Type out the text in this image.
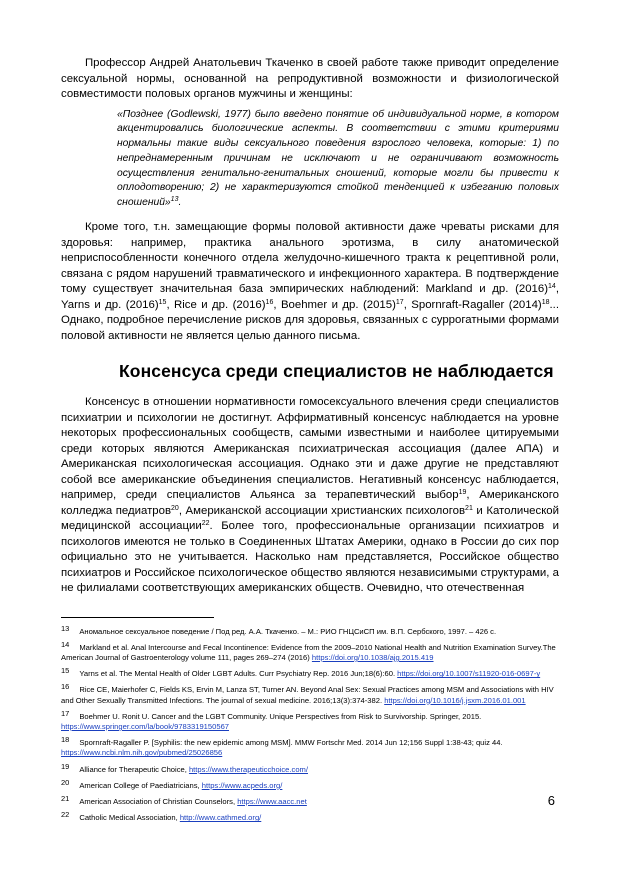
Профессор Андрей Анатольевич Ткаченко в своей работе также приводит определение сексуальной нормы, основанной на репродуктивной возможности и физиологической совместимости половых органов мужчины и женщины:

«Позднее (Godlewski, 1977) было введено понятие об индивидуальной норме, в котором акцентировались биологические аспекты. В соответствии с этими критериями нормальны такие виды сексуального поведения взрослого человека, которые: 1) по непреднамеренным причинам не исключают и не ограничивают возможность осуществления генитально-генитальных сношений, которые могли бы привести к оплодотворению; 2) не характеризуются стойкой тенденцией к избеганию половых сношений»$^{13}$.

Кроме того, т.н. замещающие формы половой активности даже чреваты рисками для здоровья: например, практика анального эротизма, в силу анатомической неприспособленности конечного отдела желудочно-кишечного тракта к рецептивной роли, связана с рядом нарушений травматического и инфекционного характера. В подтверждение тому существует значительная база эмпирических наблюдений: Markland и др. $(2016)^{14}$, Yarns и др. $(2016)^{15}$, Rice и др. $(2016)^{16}$, Boehmer и др. $(2015)^{17}$, Spornraft-Ragaller $(2014)^{18}$... Однако, подробное перечисление рисков для здоровья, связанных с суррогатными формами половой активности не является целью данного письма.

Консенсуса среди специалистов не наблюдается

Консенсус в отношении нормативности гомосексуального влечения среди специалистов психиатрии и психологии не достигнут. Аффирмативный консенсус наблюдается на уровне некоторых профессиональных сообществ, самыми известными и наиболее цитируемыми среди которых являются Американская психиатрическая ассоциация (далее АПА) и Американская психологическая ассоциация. Однако эти и даже другие не представляют собой все американские объединения специалистов. Негативный консенсус наблюдается, например, среди специалистов Альянса за терапевтический выбор$^{19}$, Американского колледжа педиатров$^{20}$, Американской ассоциации христианских психологов$^{21}$ и Католической медицинской ассоциации$^{22}$. Более того, профессиональные организации психиатров и психологов имеются не только в Соединенных Штатах Америки, однако в России до сих пор официально это не учитывается. Насколько нам представляется, Российское общество психиатров и Российское психологическое общество являются независимыми структурами, а не филиалами соответствующих американских обществ. Очевидно, что отечественная

13 Аномальное сексуальное поведение / Под ред. А.А. Ткаченко. – М.: РИО ГНЦСиСП им. В.П. Сербского, 1997. – 426 с.

14 Markland et al. Anal Intercourse and Fecal Incontinence: Evidence from the 2009–2010 National Health and Nutrition Examination Survey.The American Journal of Gastroenterology volume 111, pages 269–274 (2016) https://doi.org/10.1038/ajg.2015.419

15 Yarns et al. The Mental Health of Older LGBT Adults. Curr Psychiatry Rep. 2016 Jun;18(6):60. https://doi.org/10.1007/s11920-016-0697-y

16 Rice CE, Maierhofer C, Fields KS, Ervin M, Lanza ST, Turner AN. Beyond Anal Sex: Sexual Practices among MSM and Associations with HIV and Other Sexually Transmitted Infections. The journal of sexual medicine. 2016;13(3):374-382. https://doi.org/10.1016/j.jsxm.2016.01.001

17 Boehmer U. Ronit U. Cancer and the LGBT Community. Unique Perspectives from Risk to Survivorship. Springer, 2015. https://www.springer.com/la/book/9783319150567

18 Spornraft-Ragaller P. [Syphilis: the new epidemic among MSM]. MMW Fortschr Med. 2014 Jun 12;156 Suppl 1:38-43; quiz 44. https://www.ncbi.nlm.nih.gov/pubmed/25026856

19 Alliance for Therapeutic Choice, https://www.therapeuticchoice.com/

20 American College of Paediatricians, https://www.acpeds.org/

21 American Association of Christian Counselors, https://www.aacc.net

22 Catholic Medical Association, http://www.cathmed.org/

6
